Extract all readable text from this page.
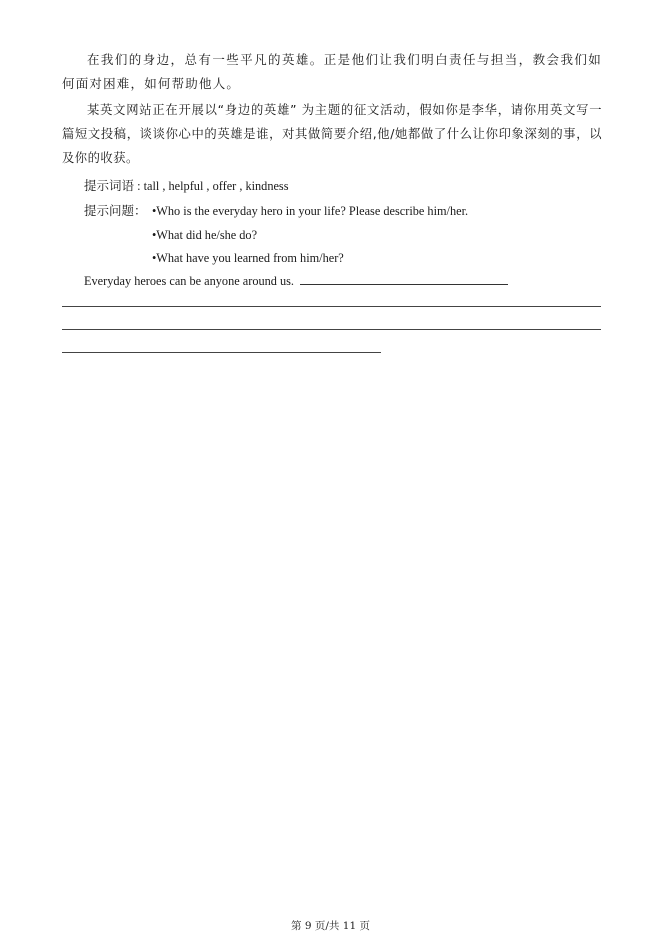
在我们的身边，总有一些平凡的英雄。正是他们让我们明白责任与担当，教会我们如何面对困难，如何帮助他人。

某英文网站正在开展以“身边的英雄” 为主题的征文活动，假如你是李华，请你用英文写一篇短文投稿，谈谈你心中的英雄是谁，对其做简要介绍,他/她都做了什么让你印象深刻的事，以及你的收获。

提示词语 : tall , helpful , offer , kindness
提示问题： •Who is the everyday hero in your life? Please describe him/her.
•What did he/she do?
•What have you learned from him/her?
Everyday heroes can be anyone around us.
第 9 页/共 11 页
